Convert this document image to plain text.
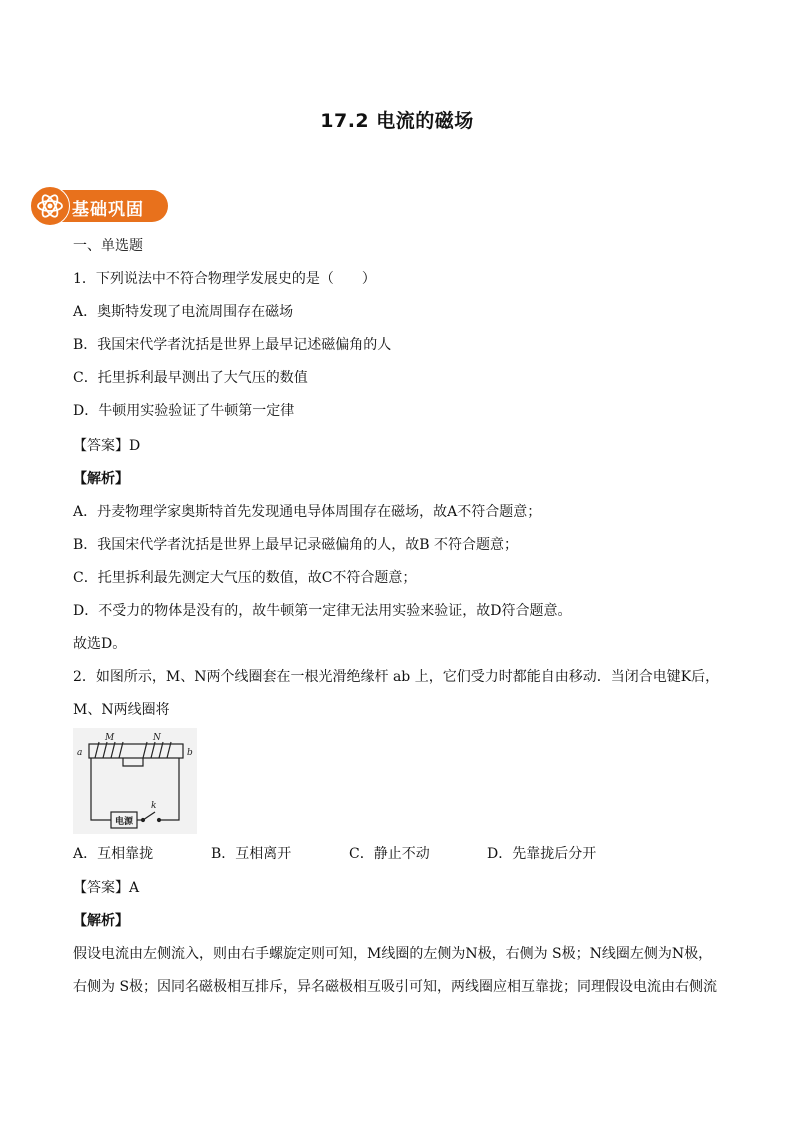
17.2 电流的磁场
基础巩固
一、单选题
1．下列说法中不符合物理学发展史的是（　　）
A．奥斯特发现了电流周围存在磁场
B．我国宋代学者沈括是世界上最早记述磁偏角的人
C．托里拆利最早测出了大气压的数值
D．牛顿用实验验证了牛顿第一定律
【答案】D
【解析】
A．丹麦物理学家奥斯特首先发现通电导体周围存在磁场，故A不符合题意；
B．我国宋代学者沈括是世界上最早记录磁偏角的人，故B 不符合题意；
C．托里拆利最先测定大气压的数值，故C不符合题意；
D．不受力的物体是没有的，故牛顿第一定律无法用实验来验证，故D符合题意。
故选D。
2．如图所示，M、N两个线圈套在一根光滑绝缘杆 ab 上，它们受力时都能自由移动．当闭合电键K后，
M、N两线圈将
a	b
M	N
k
电源
A．互相靠拢	B．互相离开	C．静止不动	D．先靠拢后分开
【答案】A
【解析】
假设电流由左侧流入，则由右手螺旋定则可知，M线圈的左侧为N极，右侧为 S极；N线圈左侧为N极，
右侧为 S极；因同名磁极相互排斥，异名磁极相互吸引可知，两线圈应相互靠拢；同理假设电流由右侧流
